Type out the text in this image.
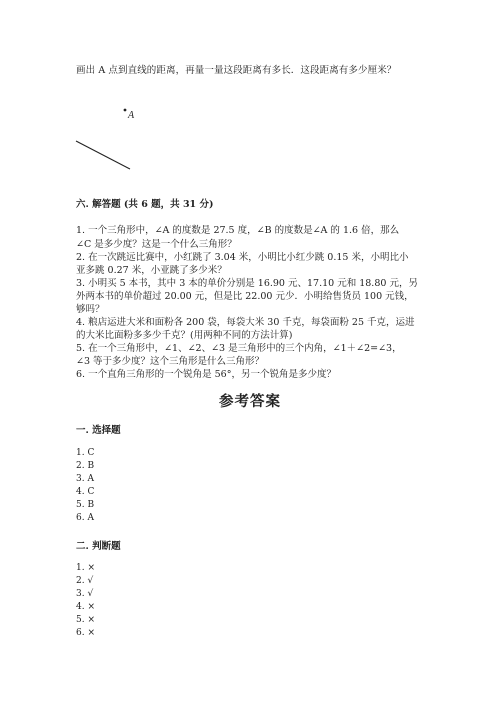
画出 A 点到直线的距离，再量一量这段距离有多长．这段距离有多少厘米？
A
六. 解答题 (共 6 题，共 31 分)
1. 一个三角形中，∠A 的度数是 27.5 度，∠B 的度数是∠A 的 1.6 倍，那么
∠C 是多少度？这是一个什么三角形？
2. 在一次跳远比赛中，小红跳了 3.04 米，小明比小红少跳 0.15 米，小明比小
亚多跳 0.27 米，小亚跳了多少米？
3. 小明买 5 本书，其中 3 本的单价分别是 16.90 元、17.10 元和 18.80 元，另
外两本书的单价超过 20.00 元，但是比 22.00 元少．小明给售货员 100 元钱，
够吗？
4. 粮店运进大米和面粉各 200 袋，每袋大米 30 千克，每袋面粉 25 千克，运进
的大米比面粉多多少千克？(用两种不同的方法计算)
5. 在一个三角形中，∠1、∠2、∠3 是三角形中的三个内角，∠1＋∠2=∠3，
∠3 等于多少度？这个三角形是什么三角形？
6. 一个直角三角形的一个锐角是 56°，另一个锐角是多少度？
参考答案
一. 选择题
1. C
2. B
3. A
4. C
5. B
6. A
二. 判断题
1. ×
2. √
3. √
4. ×
5. ×
6. ×
